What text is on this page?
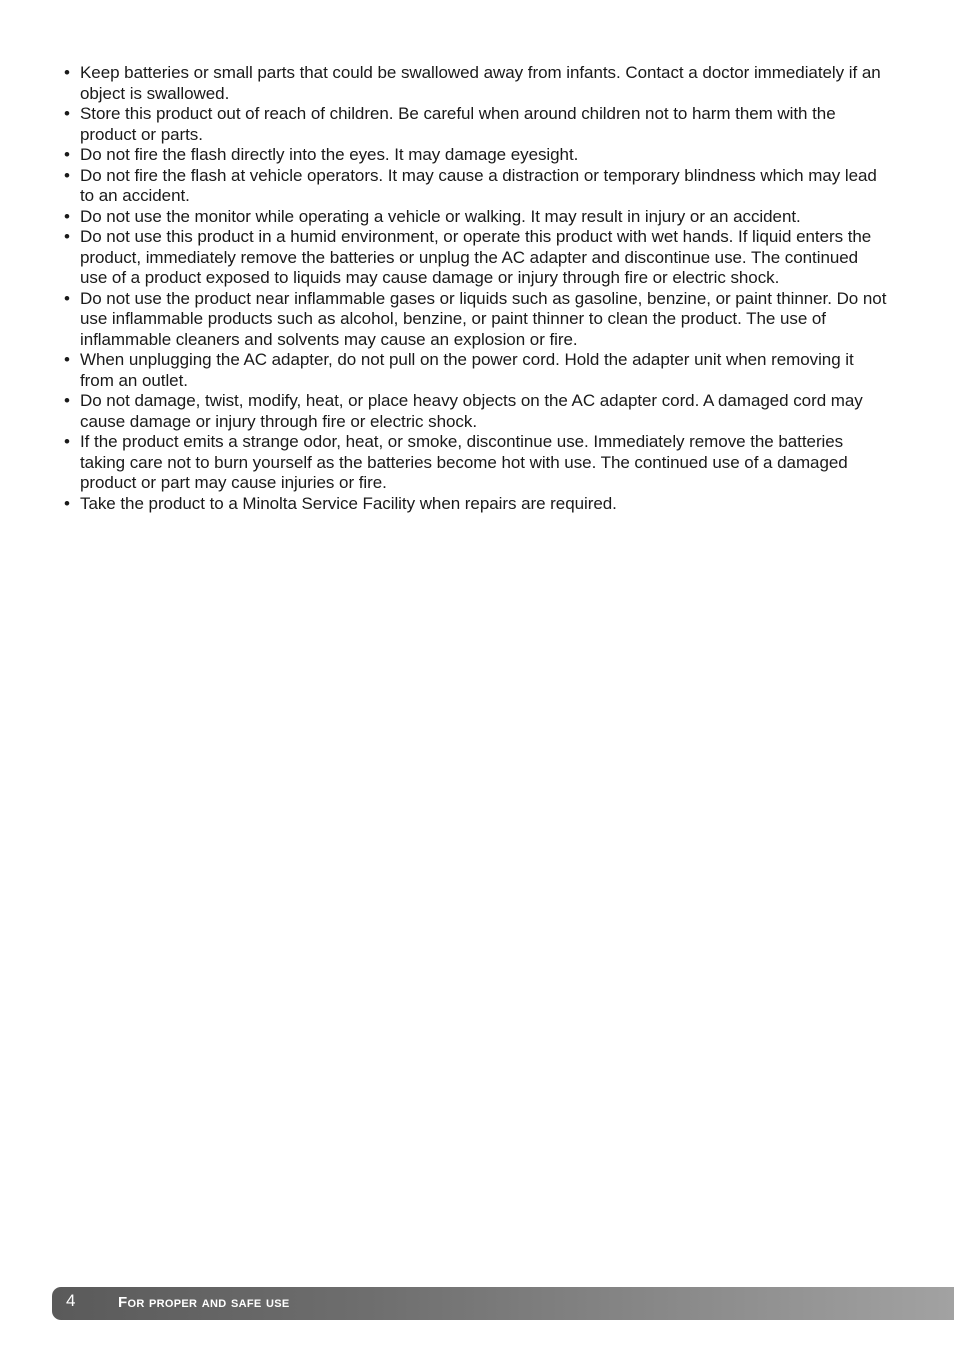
• Keep batteries or small parts that could be swallowed away from infants. Contact a doctor immediately if an object is swallowed.
• Store this product out of reach of children. Be careful when around children not to harm them with the product or parts.
• Do not fire the flash directly into the eyes. It may damage eyesight.
• Do not fire the flash at vehicle operators. It may cause a distraction or temporary blindness which may lead to an accident.
• Do not use the monitor while operating a vehicle or walking. It may result in injury or an accident.
• Do not use this product in a humid environment, or operate this product with wet hands. If liquid enters the product, immediately remove the batteries or unplug the AC adapter and discontinue use. The continued use of a product exposed to liquids may cause damage or injury through fire or electric shock.
• Do not use the product near inflammable gases or liquids such as gasoline, benzine, or paint thinner. Do not use inflammable products such as alcohol, benzine, or paint thinner to clean the product. The use of inflammable cleaners and solvents may cause an explosion or fire.
• When unplugging the AC adapter, do not pull on the power cord. Hold the adapter unit when removing it from an outlet.
• Do not damage, twist, modify, heat, or place heavy objects on the AC adapter cord. A damaged cord may cause damage or injury through fire or electric shock.
• If the product emits a strange odor, heat, or smoke, discontinue use. Immediately remove the batteries taking care not to burn yourself as the batteries become hot with use. The continued use of a damaged product or part may cause injuries or fire.
• Take the product to a Minolta Service Facility when repairs are required.
4	For proper and safe use
